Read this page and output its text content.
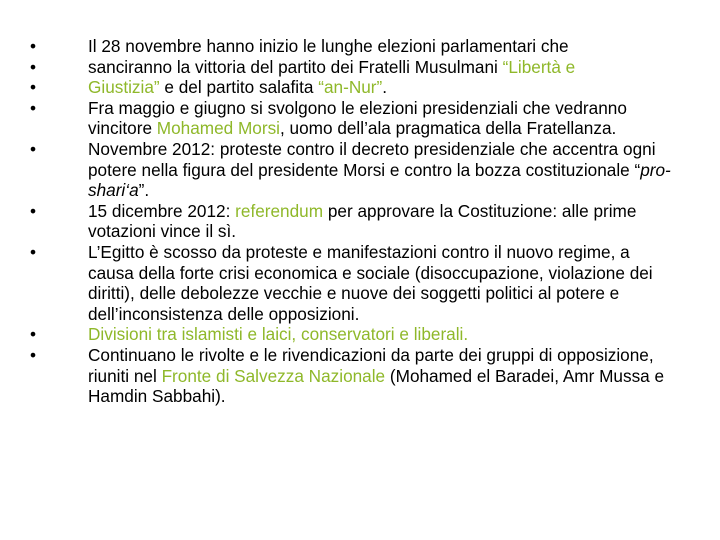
•	Il 28 novembre hanno inizio le lunghe elezioni parlamentari che
•	sanciranno la vittoria del partito dei Fratelli Musulmani “Libertà e
•	Giustizia” e del partito salafita “an-Nur”.
•	Fra maggio e giugno si svolgono le elezioni presidenziali che vedranno vincitore Mohamed Morsi, uomo dell’ala pragmatica della Fratellanza.
•	Novembre 2012: proteste contro il decreto presidenziale che accentra ogni potere nella figura del presidente Morsi e contro la bozza costituzionale “pro-shari‘a”.
•	15 dicembre 2012: referendum per approvare la Costituzione: alle prime votazioni vince il sì.
•	L’Egitto è scosso da proteste e manifestazioni contro il nuovo regime, a causa della forte crisi economica e sociale (disoccupazione, violazione dei diritti), delle debolezze vecchie e nuove dei soggetti politici al potere e dell’inconsistenza delle opposizioni.
•	Divisioni tra islamisti e laici, conservatori e liberali.
•	Continuano le rivolte e le rivendicazioni da parte dei gruppi di opposizione, riuniti nel Fronte di Salvezza Nazionale (Mohamed el Baradei, Amr Mussa e Hamdin Sabbahi).
